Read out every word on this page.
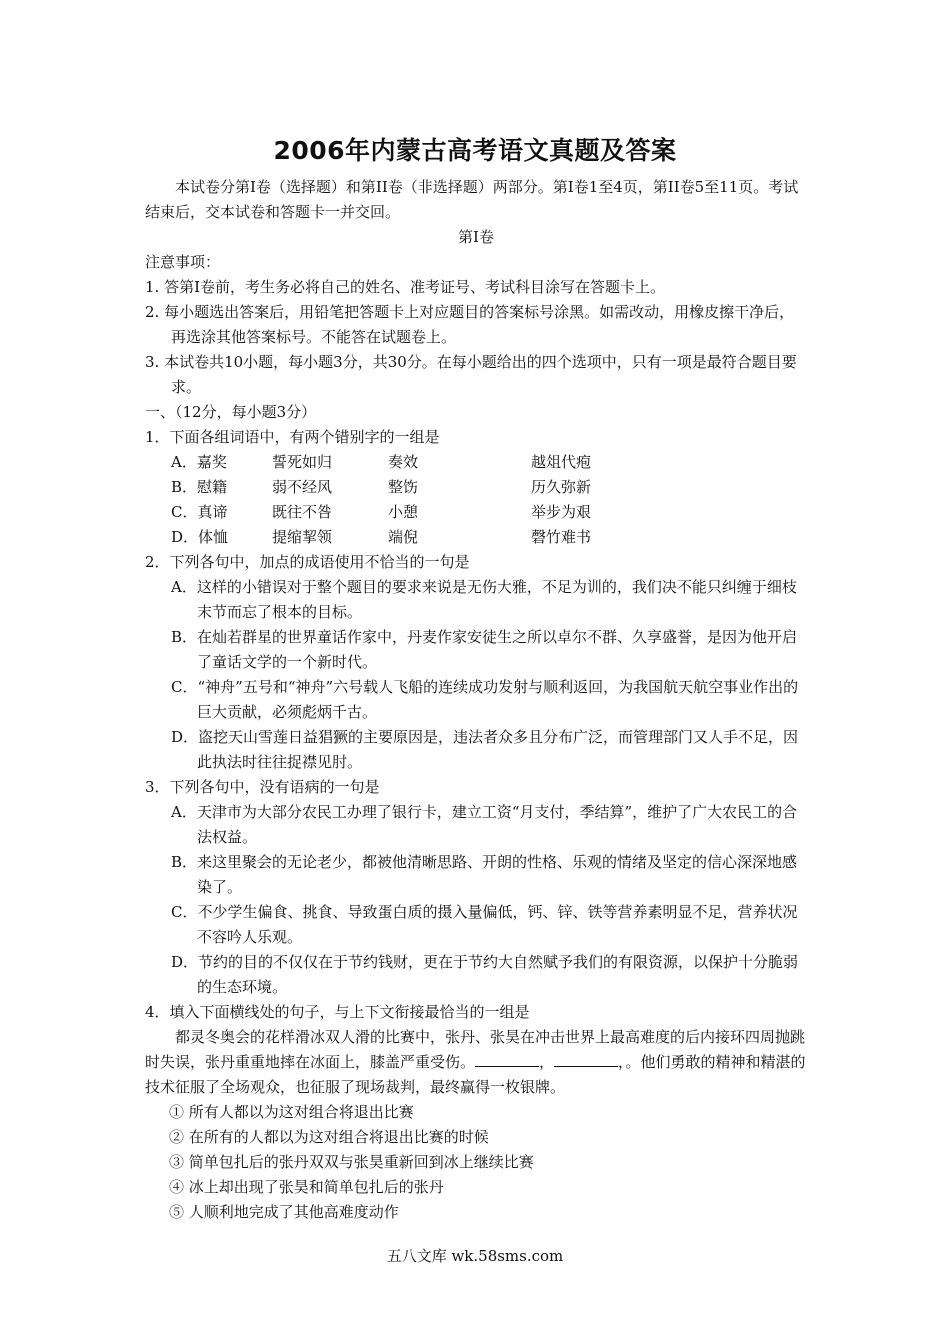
2006年内蒙古高考语文真题及答案

本试卷分第I卷（选择题）和第II卷（非选择题）两部分。第I卷1至4页，第II卷5至11页。考试结束后，交本试卷和答题卡一并交回。

第I卷

注意事项：

1. 答第I卷前，考生务必将自己的姓名、准考证号、考试科目涂写在答题卡上。

2. 每小题选出答案后，用铅笔把答题卡上对应题目的答案标号涂黑。如需改动，用橡皮擦干净后，再选涂其他答案标号。不能答在试题卷上。

3. 本试卷共10小题，每小题3分，共30分。在每小题给出的四个选项中，只有一项是最符合题目要求。

一、（12分，每小题3分）

1．下面各组词语中，有两个错别字的一组是

A．嘉奖	誓死如归	奏效	越俎代疱
B．慰籍	弱不经风	整饬	历久弥新
C．真谛	既往不咎	小憩	举步为艰
D．体恤	提缩挈领	端倪	磬竹难书

2．下列各句中，加点的成语使用不恰当的一句是

A．这样的小错误对于整个题目的要求来说是无伤大雅，不足为训的，我们决不能只纠缠于细枝末节而忘了根本的目标。

B．在灿若群星的世界童话作家中，丹麦作家安徒生之所以卓尔不群、久享盛誉，是因为他开启了童话文学的一个新时代。

C．“神舟”五号和“神舟”六号载人飞船的连续成功发射与顺利返回，为我国航天航空事业作出的巨大贡献，必须彪炳千古。

D．盗挖天山雪莲日益猖獗的主要原因是，违法者众多且分布广泛，而管理部门又人手不足，因此执法时往往捉襟见肘。

3．下列各句中，没有语病的一句是

A．天津市为大部分农民工办理了银行卡，建立工资“月支付，季结算”，维护了广大农民工的合法权益。

B．来这里聚会的无论老少，都被他清晰思路、开朗的性格、乐观的情绪及坚定的信心深深地感染了。

C．不少学生偏食、挑食、导致蛋白质的摄入量偏低，钙、锌、铁等营养素明显不足，营养状况不容吟人乐观。

D．节约的目的不仅仅在于节约钱财，更在于节约大自然赋予我们的有限资源，以保护十分脆弱的生态环境。

4．填入下面横线处的句子，与上下文衔接最恰当的一组是

都灵冬奥会的花样滑冰双人滑的比赛中，张丹、张昊在冲击世界上最高难度的后内接环四周抛跳时失误，张丹重重地摔在冰面上，膝盖严重受伤。	，	，。他们勇敢的精神和精湛的技术征服了全场观众，也征服了现场裁判，最终赢得一枚银牌。

① 所有人都以为这对组合将退出比赛

② 在所有的人都以为这对组合将退出比赛的时候

③ 简单包扎后的张丹双双与张昊重新回到冰上继续比赛

④ 冰上却出现了张昊和简单包扎后的张丹

⑤ 人顺利地完成了其他高难度动作

五八文库 wk.58sms.com
